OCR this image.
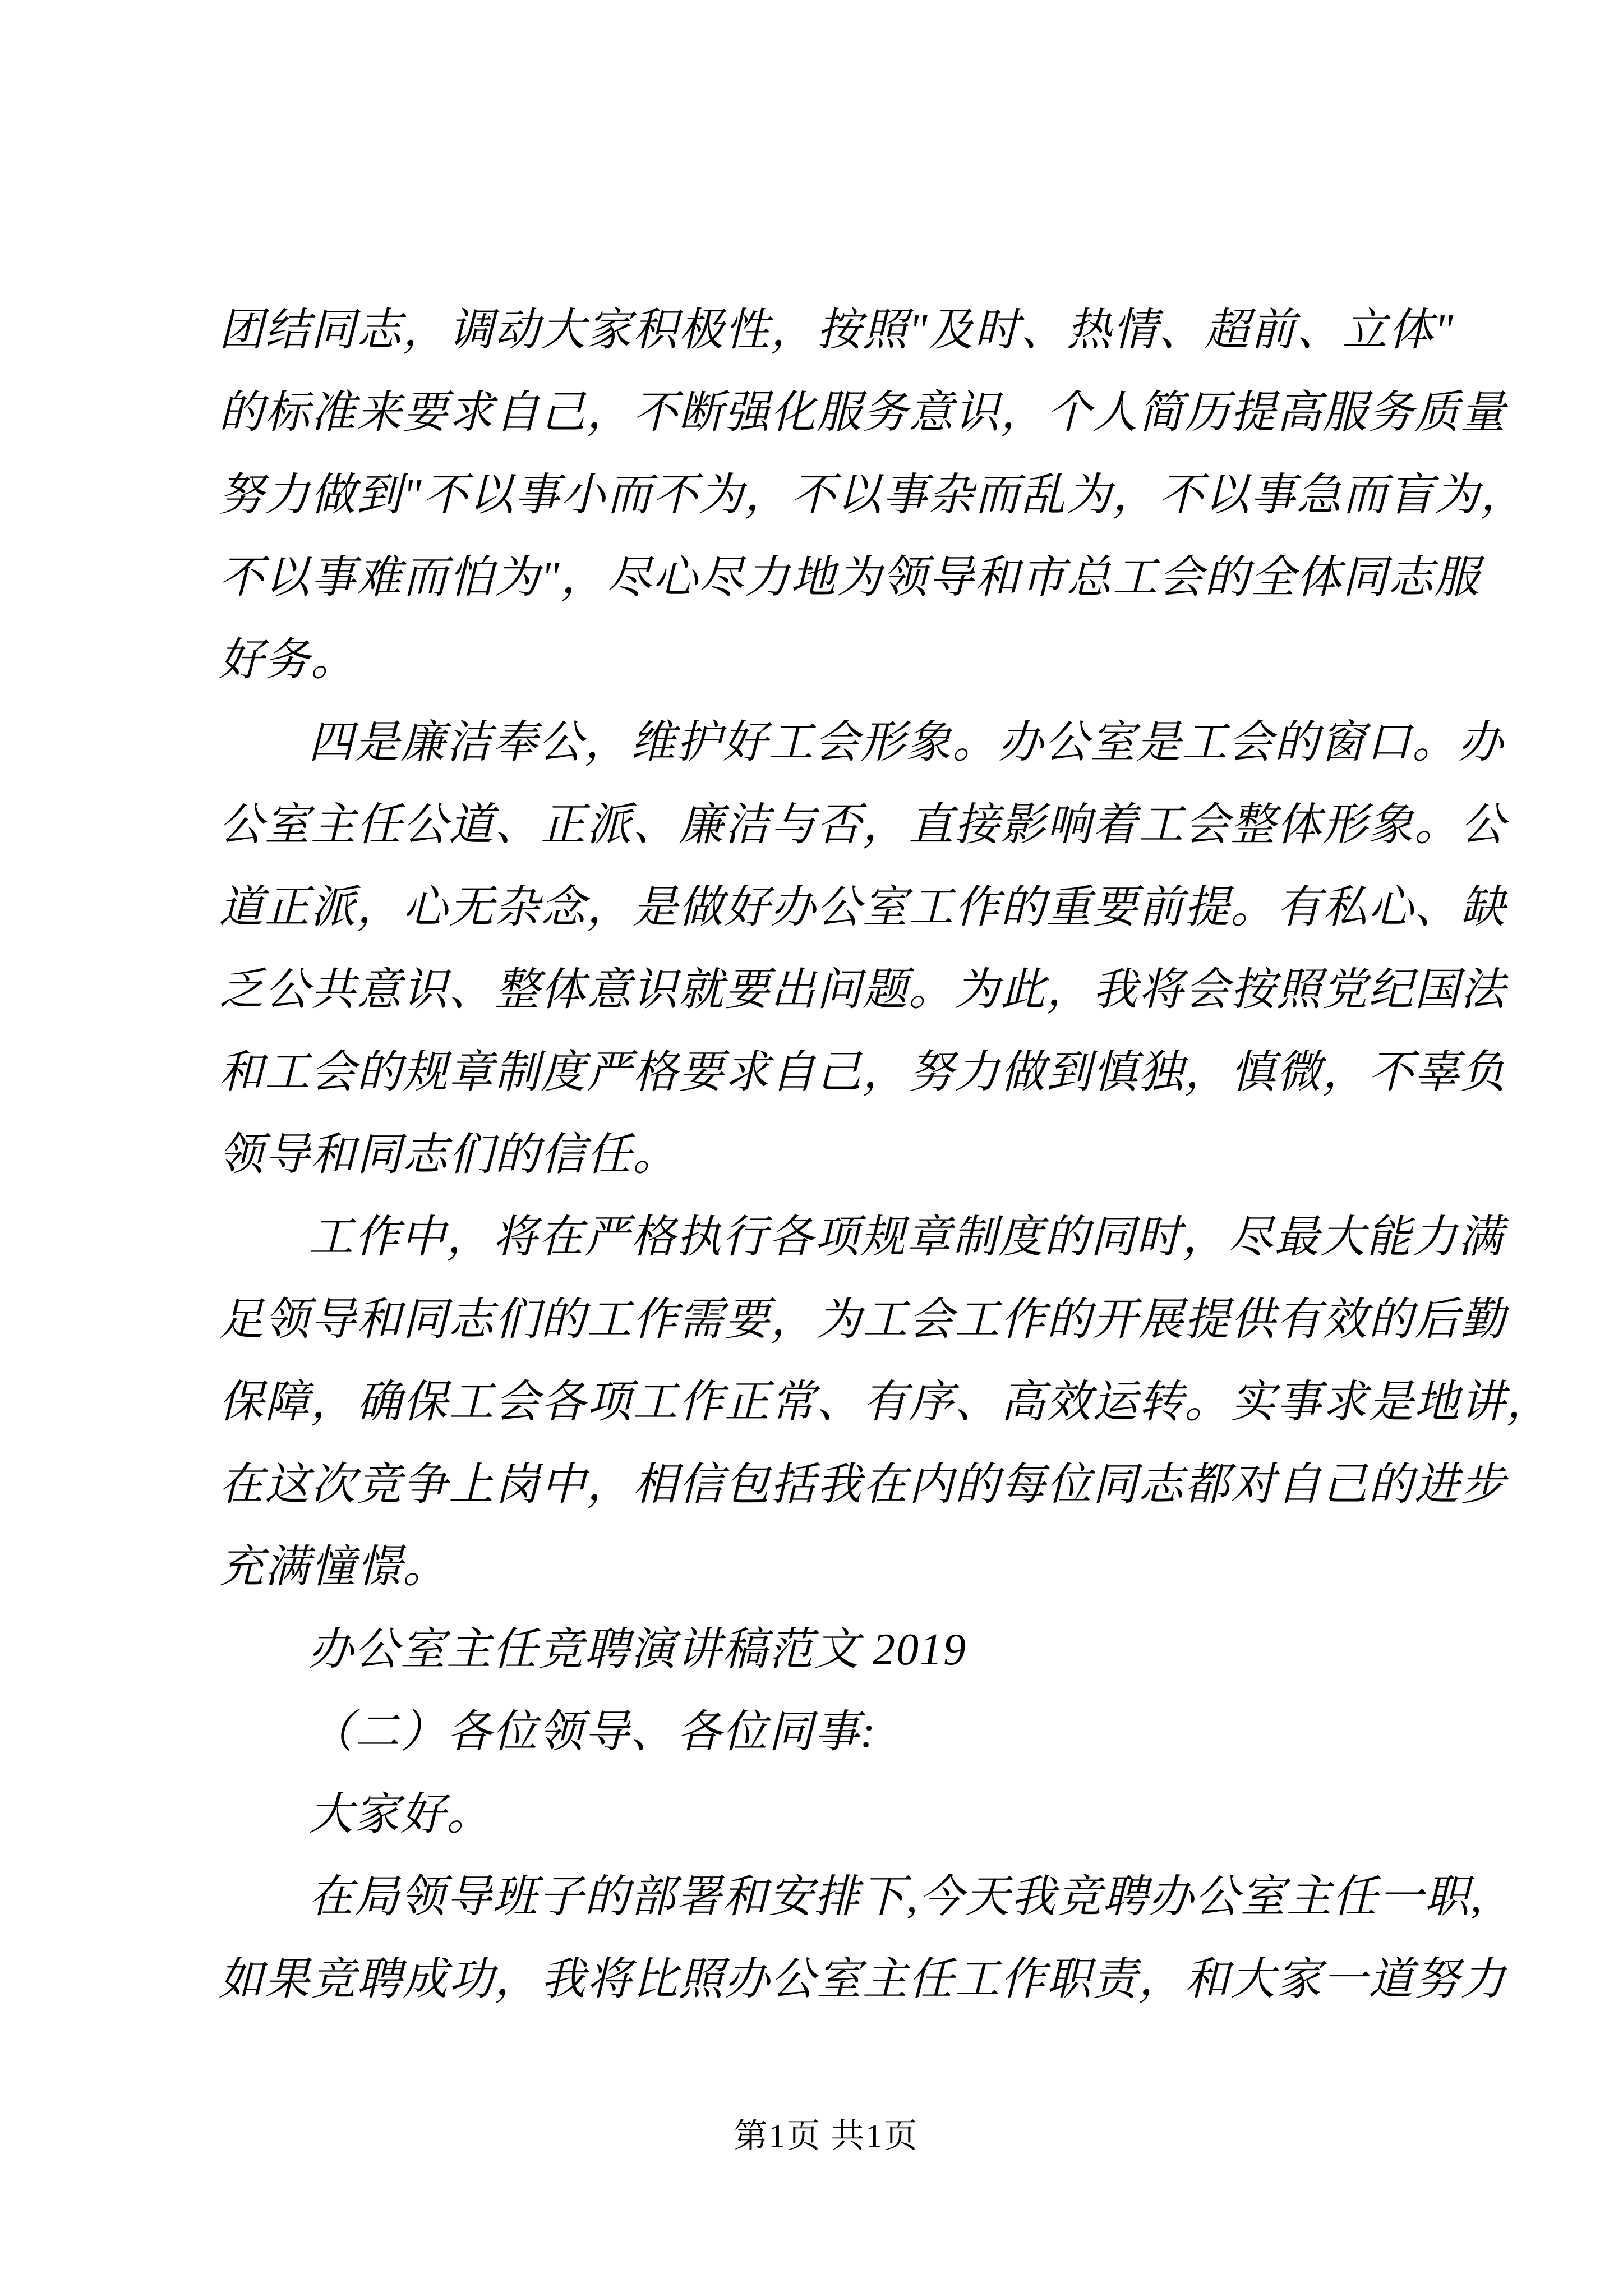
团结同志，调动大家积极性，按照"及时、热情、超前、立体"
的标准来要求自己，不断强化服务意识，个人简历提高服务质量
努力做到"不以事小而不为，不以事杂而乱为，不以事急而盲为，
不以事难而怕为"，尽心尽力地为领导和市总工会的全体同志服
好务。
四是廉洁奉公，维护好工会形象。办公室是工会的窗口。办
公室主任公道、正派、廉洁与否，直接影响着工会整体形象。公
道正派，心无杂念，是做好办公室工作的重要前提。有私心、缺
乏公共意识、整体意识就要出问题。为此，我将会按照党纪国法
和工会的规章制度严格要求自己，努力做到慎独，慎微，不辜负
领导和同志们的信任。
工作中，将在严格执行各项规章制度的同时，尽最大能力满
足领导和同志们的工作需要，为工会工作的开展提供有效的后勤
保障，确保工会各项工作正常、有序、高效运转。实事求是地讲，
在这次竞争上岗中，相信包括我在内的每位同志都对自己的进步
充满憧憬。
办公室主任竞聘演讲稿范文 2019
（二）各位领导、各位同事:
大家好。
在局领导班子的部署和安排下,今天我竞聘办公室主任一职,
如果竞聘成功，我将比照办公室主任工作职责，和大家一道努力
第1页 共1页
